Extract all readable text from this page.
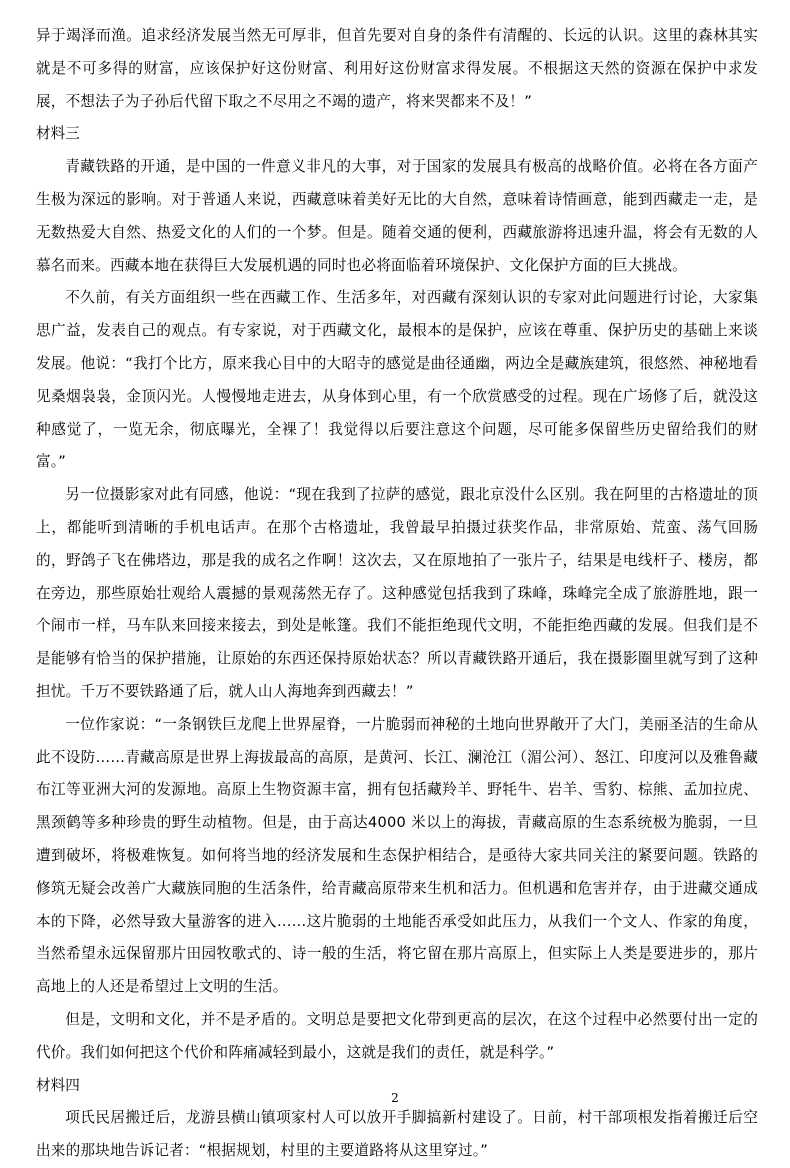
异于竭泽而渔。追求经济发展当然无可厚非，但首先要对自身的条件有清醒的、长远的认识。这里的森林其实就是不可多得的财富，应该保护好这份财富、利用好这份财富求得发展。不根据这天然的资源在保护中求发展，不想法子为子孙后代留下取之不尽用之不竭的遗产，将来哭都来不及！”

材料三

青藏铁路的开通，是中国的一件意义非凡的大事，对于国家的发展具有极高的战略价值。必将在各方面产生极为深远的影响。对于普通人来说，西藏意味着美好无比的大自然，意味着诗情画意，能到西藏走一走，是无数热爱大自然、热爱文化的人们的一个梦。但是。随着交通的便利，西藏旅游将迅速升温，将会有无数的人慕名而来。西藏本地在获得巨大发展机遇的同时也必将面临着环境保护、文化保护方面的巨大挑战。

不久前，有关方面组织一些在西藏工作、生活多年，对西藏有深刻认识的专家对此问题进行讨论，大家集思广益，发表自己的观点。有专家说，对于西藏文化，最根本的是保护，应该在尊重、保护历史的基础上来谈发展。他说：“我打个比方，原来我心目中的大昭寺的感觉是曲径通幽，两边全是藏族建筑，很悠然、神秘地看见桑烟袅袅，金顶闪光。人慢慢地走进去，从身体到心里，有一个欣赏感受的过程。现在广场修了后，就没这种感觉了，一览无余，彻底曝光，全裸了！我觉得以后要注意这个问题，尽可能多保留些历史留给我们的财富。”

另一位摄影家对此有同感，他说：“现在我到了拉萨的感觉，跟北京没什么区别。我在阿里的古格遗址的顶上，都能听到清晰的手机电话声。在那个古格遗址，我曾最早拍摄过获奖作品，非常原始、荒蛮、荡气回肠的，野鸽子飞在佛塔边，那是我的成名之作啊！这次去，又在原地拍了一张片子，结果是电线杆子、楼房，都在旁边，那些原始壮观给人震撼的景观荡然无存了。这种感觉包括我到了珠峰，珠峰完全成了旅游胜地，跟一个闹市一样，马车队来回接来接去，到处是帐篷。我们不能拒绝现代文明，不能拒绝西藏的发展。但我们是不是能够有恰当的保护措施，让原始的东西还保持原始状态？所以青藏铁路开通后，我在摄影圈里就写到了这种担忧。千万不要铁路通了后，就人山人海地奔到西藏去！”

一位作家说：“一条钢铁巨龙爬上世界屋脊，一片脆弱而神秘的土地向世界敞开了大门，美丽圣洁的生命从此不设防……青藏高原是世界上海拔最高的高原，是黄河、长江、澜沧江（湄公河）、怒江、印度河以及雅鲁藏布江等亚洲大河的发源地。高原上生物资源丰富，拥有包括藏羚羊、野牦牛、岩羊、雪豹、棕熊、孟加拉虎、黑颈鹤等多种珍贵的野生动植物。但是，由于高达4000 米以上的海拔，青藏高原的生态系统极为脆弱，一旦遭到破坏，将极难恢复。如何将当地的经济发展和生态保护相结合，是亟待大家共同关注的紧要问题。铁路的修筑无疑会改善广大藏族同胞的生活条件，给青藏高原带来生机和活力。但机遇和危害并存，由于进藏交通成本的下降，必然导致大量游客的进入……这片脆弱的土地能否承受如此压力，从我们一个文人、作家的角度，当然希望永远保留那片田园牧歌式的、诗一般的生活，将它留在那片高原上，但实际上人类是要进步的，那片高地上的人还是希望过上文明的生活。

但是，文明和文化，并不是矛盾的。文明总是要把文化带到更高的层次，在这个过程中必然要付出一定的代价。我们如何把这个代价和阵痛减轻到最小，这就是我们的责任，就是科学。”

材料四

项氏民居搬迁后，龙游县横山镇项家村人可以放开手脚搞新村建设了。日前，村干部项根发指着搬迁后空出来的那块地告诉记者：“根据规划，村里的主要道路将从这里穿过。”

2
